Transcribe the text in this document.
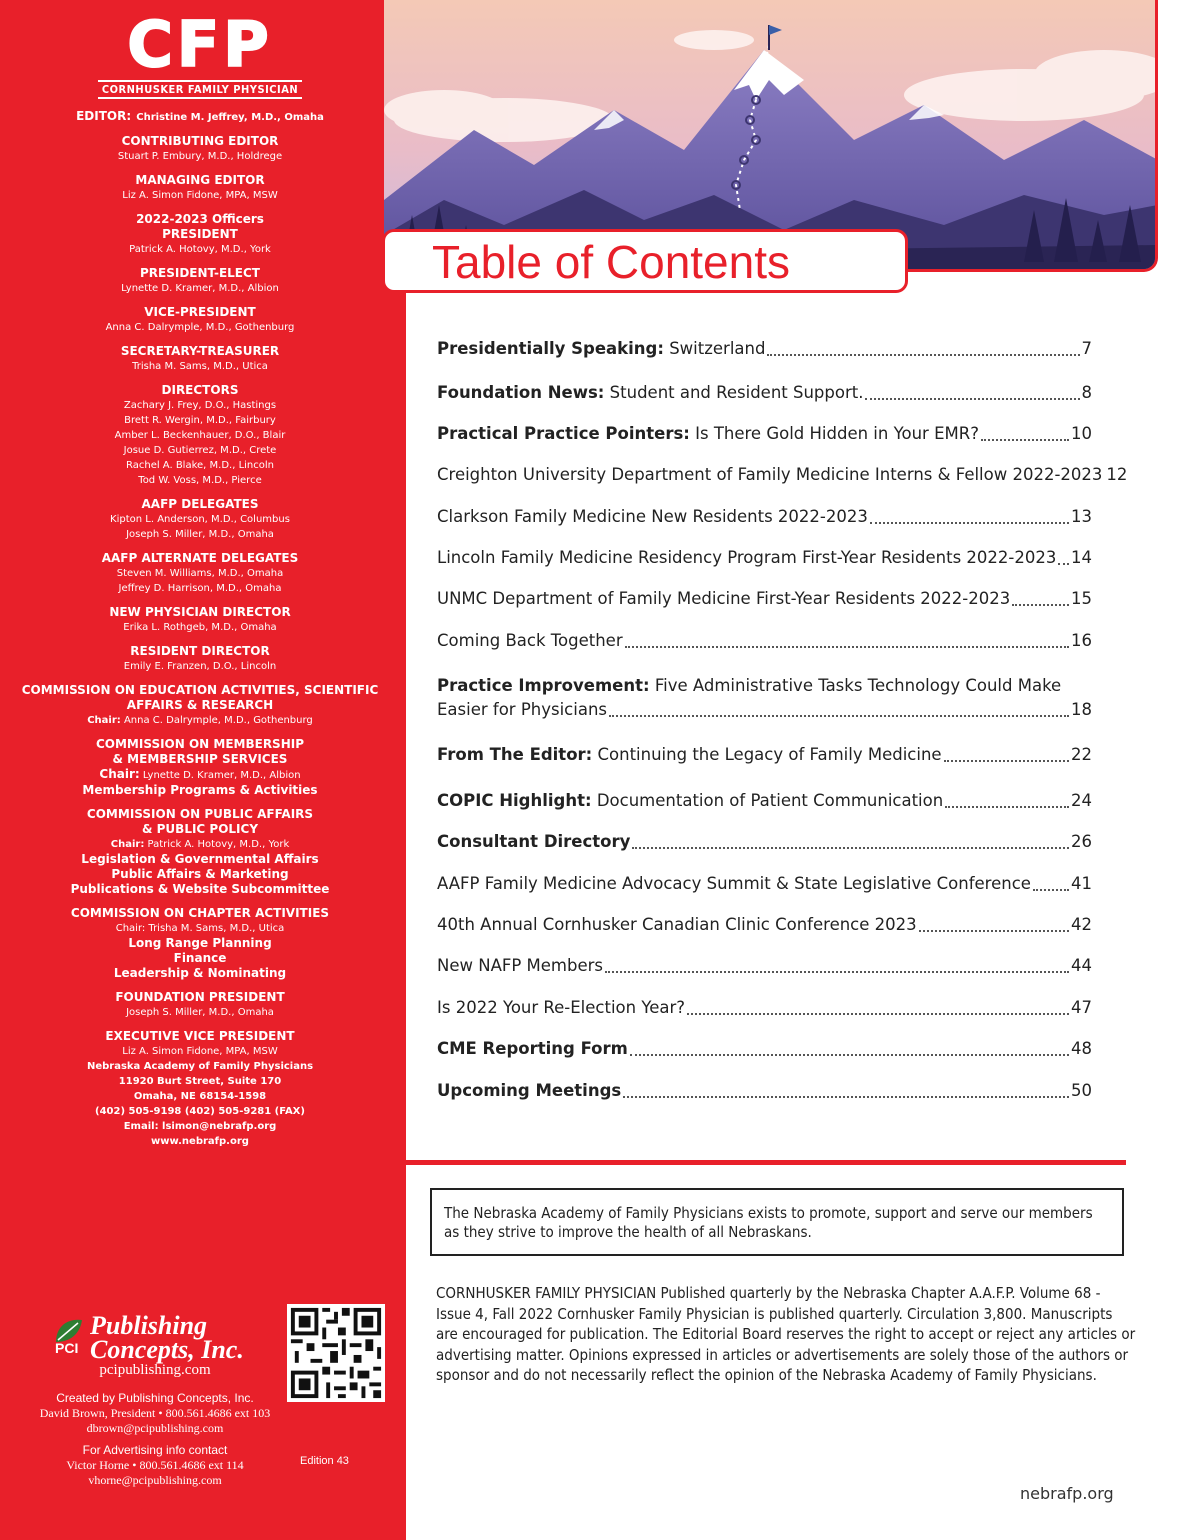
CFP
CORNHUSKER FAMILY PHYSICIAN
EDITOR: Christine M. Jeffrey, M.D., Omaha
CONTRIBUTING EDITOR
Stuart P. Embury, M.D., Holdrege
MANAGING EDITOR
Liz A. Simon Fidone, MPA, MSW
2022-2023 Officers
PRESIDENT
Patrick A. Hotovy, M.D., York
PRESIDENT-ELECT
Lynette D. Kramer, M.D., Albion
VICE-PRESIDENT
Anna C. Dalrymple, M.D., Gothenburg
SECRETARY-TREASURER
Trisha M. Sams, M.D., Utica
DIRECTORS
Zachary J. Frey, D.O., Hastings
Brett R. Wergin, M.D., Fairbury
Amber L. Beckenhauer, D.O., Blair
Josue D. Gutierrez, M.D., Crete
Rachel A. Blake, M.D., Lincoln
Tod W. Voss, M.D., Pierce
AAFP DELEGATES
Kipton L. Anderson, M.D., Columbus
Joseph S. Miller, M.D., Omaha
AAFP ALTERNATE DELEGATES
Steven M. Williams, M.D., Omaha
Jeffrey D. Harrison, M.D., Omaha
NEW PHYSICIAN DIRECTOR
Erika L. Rothgeb, M.D., Omaha
RESIDENT DIRECTOR
Emily E. Franzen, D.O., Lincoln
COMMISSION ON EDUCATION ACTIVITIES, SCIENTIFIC
AFFAIRS & RESEARCH
Chair: Anna C. Dalrymple, M.D., Gothenburg
COMMISSION ON MEMBERSHIP
& MEMBERSHIP SERVICES
Chair: Lynette D. Kramer, M.D., Albion
Membership Programs & Activities
COMMISSION ON PUBLIC AFFAIRS
& PUBLIC POLICY
Chair: Patrick A. Hotovy, M.D., York
Legislation & Governmental Affairs
Public Affairs & Marketing
Publications & Website Subcommittee
COMMISSION ON CHAPTER ACTIVITIES
Chair: Trisha M. Sams, M.D., Utica
Long Range Planning
Finance
Leadership & Nominating
FOUNDATION PRESIDENT
Joseph S. Miller, M.D., Omaha
EXECUTIVE VICE PRESIDENT
Liz A. Simon Fidone, MPA, MSW
Nebraska Academy of Family Physicians
11920 Burt Street, Suite 170
Omaha, NE 68154-1598
(402) 505-9198 (402) 505-9281 (FAX)
Email: lsimon@nebrafp.org
www.nebrafp.org
Publishing
PCI Concepts, Inc.
pcipublishing.com
Created by Publishing Concepts, Inc.
David Brown, President • 800.561.4686 ext 103
dbrown@pcipublishing.com
For Advertising info contact
Victor Horne • 800.561.4686 ext 114
vhorne@pcipublishing.com
Edition 43
Table of Contents
Presidentially Speaking: Switzerland	7
Foundation News: Student and Resident Support.	8
Practical Practice Pointers: Is There Gold Hidden in Your EMR?	10
Creighton University Department of Family Medicine Interns & Fellow 2022-2023 12
Clarkson Family Medicine New Residents 2022-2023	13
Lincoln Family Medicine Residency Program First-Year Residents 2022-2023 14
UNMC Department of Family Medicine First-Year Residents 2022-2023	15
Coming Back Together	16
Practice Improvement: Five Administrative Tasks Technology Could Make
Easier for Physicians	18
From The Editor: Continuing the Legacy of Family Medicine	22
COPIC Highlight: Documentation of Patient Communication	24
Consultant Directory	26
AAFP Family Medicine Advocacy Summit & State Legislative Conference 41
40th Annual Cornhusker Canadian Clinic Conference 2023	42
New NAFP Members	44
Is 2022 Your Re-Election Year?	47
CME Reporting Form	48
Upcoming Meetings	50
The Nebraska Academy of Family Physicians exists to promote, support and serve our members as they strive to improve the health of all Nebraskans.
CORNHUSKER FAMILY PHYSICIAN Published quarterly by the Nebraska Chapter A.A.F.P. Volume 68 - Issue 4, Fall 2022 Cornhusker Family Physician is published quarterly. Circulation 3,800. Manuscripts are encouraged for publication. The Editorial Board reserves the right to accept or reject any articles or advertising matter. Opinions expressed in articles or advertisements are solely those of the authors or sponsor and do not necessarily reflect the opinion of the Nebraska Academy of Family Physicians.
nebrafp.org
